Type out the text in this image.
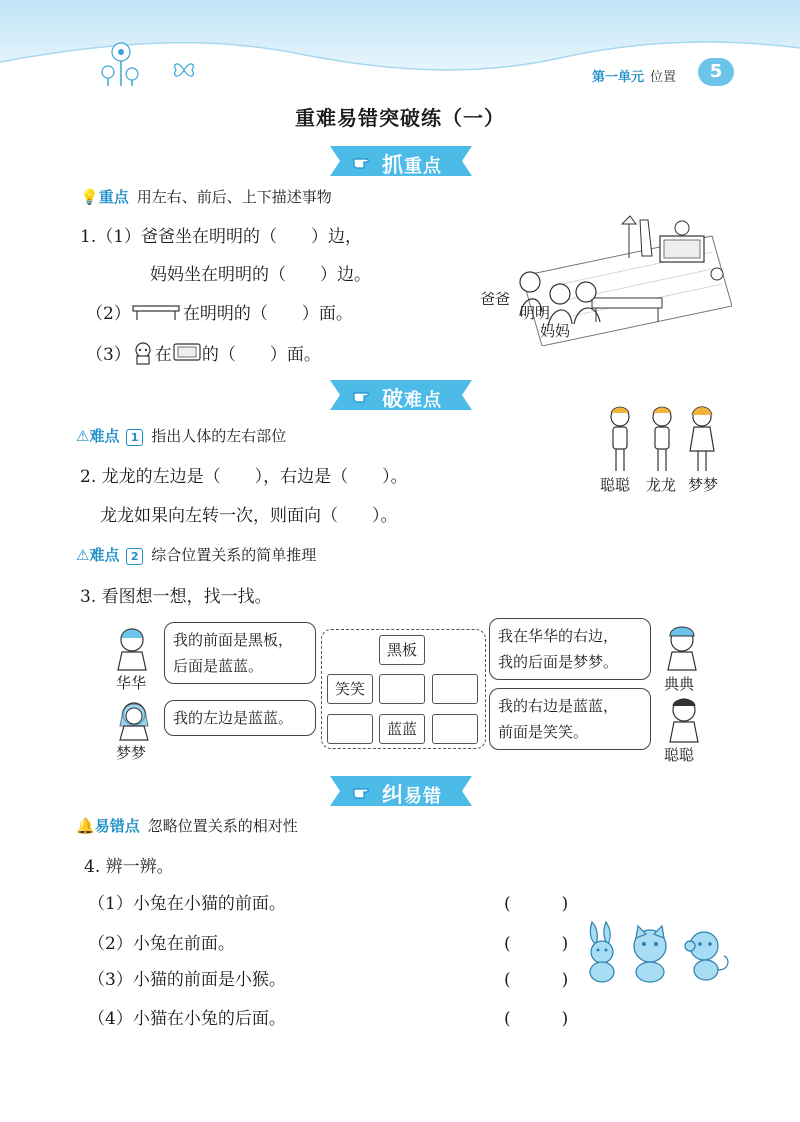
第一单元 位置	5
重难易错突破练（一）
抓重点
💡重点 用左右、前后、上下描述事物
1.（1）爸爸坐在明明的（　　）边，
妈妈坐在明明的（　　）边。
（2）	在明明的（　　）面。
（3） 在 的（　　）面。
爸爸
明明
妈妈
破难点
⚠难点 1 指出人体的左右部位
2. 龙龙的左边是（　　），右边是（　　）。
龙龙如果向左转一次，则面向（　　）。
聪聪 龙龙 梦梦
⚠难点 2 综合位置关系的简单推理
3. 看图想一想，找一找。
华华
我的前面是黑板，
后面是蓝蓝。
梦梦
我的左边是蓝蓝。
黑板
笑笑
蓝蓝
我在华华的右边，
我的后面是梦梦。
典典
我的右边是蓝蓝，
前面是笑笑。
聪聪
纠易错
🔔易错点 忽略位置关系的相对性
4. 辨一辨。
（1）小兔在小猫的前面。	(　　　)
（2）小兔在前面。	(　　　)
（3）小猫的前面是小猴。	(　　　)
（4）小猫在小兔的后面。	(　　　)
